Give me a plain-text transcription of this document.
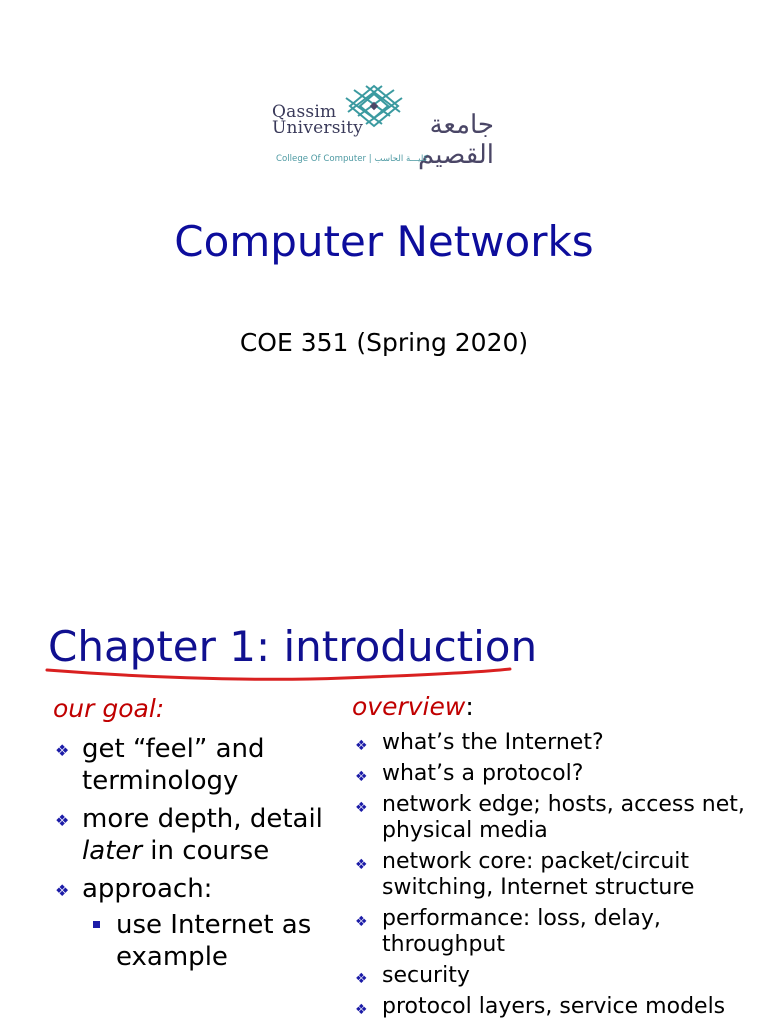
Qassim
University	جامعة القصيم
College Of Computer | كليـــة الحاسب
Computer Networks
COE 351 (Spring 2020)
Chapter 1: introduction
our goal:	overview:
❖ get “feel” and terminology
❖ more depth, detail later in course
❖ approach:
use Internet as example
❖ what’s the Internet?
❖ what’s a protocol?
❖ network edge; hosts, access net, physical media
❖ network core: packet/circuit switching, Internet structure
❖ performance: loss, delay, throughput
❖ security
❖ protocol layers, service models
